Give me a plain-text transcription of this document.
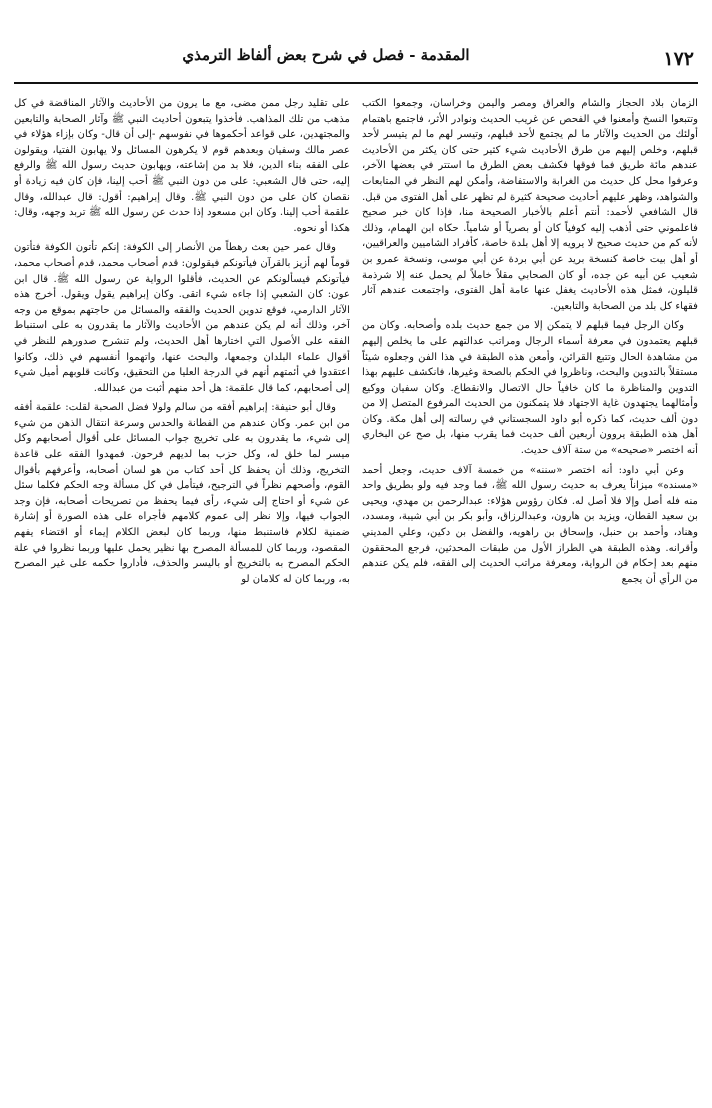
١٧٢
المقدمة - فصل في شرح بعض ألفاظ الترمذي

الزمان بلاد الحجاز والشام والعراق ومصر واليمن وخراسان، وجمعوا الكتب وتتبعوا النسخ وأمعنوا في الفحص عن غريب الحديث ونوادر الأثر، فاجتمع باهتمام أولئك من الحديث والآثار ما لم يجتمع لأحد قبلهم، وتيسر لهم ما لم يتيسر لأحد قبلهم، وخلص إليهم من طرق الأحاديث شيء كثير حتى كان يكثر من الأحاديث عندهم مائة طريق فما فوقها فكشف بعض الطرق ما استتر في بعضها الآخر، وعرفوا محل كل حديث من الغرابة والاستفاضة، وأمكن لهم النظر في المتابعات والشواهد، وظهر عليهم أحاديث صحيحة كثيرة لم تظهر على أهل الفتوى من قبل. قال الشافعي لأحمد: أنتم أعلم بالأخبار الصحيحة منا، فإذا كان خبر صحيح فاعلموني حتى أذهب إليه كوفياً كان أو بصرياً أو شامياً. حكاه ابن الهمام، وذلك لأنه كم من حديث صحيح لا يرويه إلا أهل بلدة خاصة، كأفراد الشاميين والعراقيين، أو أهل بيت خاصة كنسخة بريد عن أبي بردة عن أبي موسى، ونسخة عمرو بن شعيب عن أبيه عن جده، أو كان الصحابي مقلاً خاملاً لم يحمل عنه إلا شرذمة قليلون، فمثل هذه الأحاديث يغفل عنها عامة أهل الفتوى، واجتمعت عندهم آثار فقهاء كل بلد من الصحابة والتابعين.

وكان الرجل فيما قبلهم لا يتمكن إلا من جمع حديث بلده وأصحابه. وكان من قبلهم يعتمدون في معرفة أسماء الرجال ومراتب عدالتهم على ما يخلص إليهم من مشاهدة الحال وتتبع القرائن، وأمعن هذه الطبقة في هذا الفن وجعلوه شيئاً مستقلاً بالتدوين والبحث، وناظروا في الحكم بالصحة وغيرها، فانكشف عليهم بهذا التدوين والمناظرة ما كان خافياً حال الاتصال والانقطاع. وكان سفيان ووكيع وأمثالهما يجتهدون غاية الاجتهاد فلا يتمكنون من الحديث المرفوع المتصل إلا من دون ألف حديث، كما ذكره أبو داود السجستاني في رسالته إلى أهل مكة. وكان أهل هذه الطبقة يروون أربعين ألف حديث فما يقرب منها، بل صح عن البخاري أنه اختصر «صحيحه» من ستة آلاف حديث.

وعن أبي داود: أنه اختصر «سننه» من خمسة آلاف حديث، وجعل أحمد «مسنده» ميزاناً يعرف به حديث رسول الله ﷺ، فما وجد فيه ولو بطريق واحد منه فله أصل وإلا فلا أصل له. فكان رؤوس هؤلاء: عبدالرحمن بن مهدي، ويحيى بن سعيد القطان، ويزيد بن هارون، وعبدالرزاق، وأبو بكر بن أبي شيبة، ومسدد، وهناد، وأحمد بن حنبل، وإسحاق بن راهويه، والفضل بن دكين، وعلي المديني وأقرانه. وهذه الطبقة هي الطراز الأول من طبقات المحدثين، فرجع المحققون منهم بعد إحكام فن الرواية، ومعرفة مراتب الحديث إلى الفقه، فلم يكن عندهم من الرأي أن يجمع

على تقليد رجل ممن مضى، مع ما يرون من الأحاديث والآثار المناقضة في كل مذهب من تلك المذاهب. فأخذوا يتبعون أحاديث النبي ﷺ وآثار الصحابة والتابعين والمجتهدين، على قواعد أحكموها في نفوسهم -إلى أن قال- وكان بإزاء هؤلاء في عصر مالك وسفيان وبعدهم قوم لا يكرهون المسائل ولا يهابون الفتيا، ويقولون على الفقه بناء الدين، فلا بد من إشاعته، ويهابون حديث رسول الله ﷺ والرفع إليه، حتى قال الشعبي: على من دون النبي ﷺ أحب إلينا، فإن كان فيه زيادة أو نقصان كان على من دون النبي ﷺ. وقال إبراهيم: أقول: قال عبدالله، وقال علقمة أحب إلينا. وكان ابن مسعود إذا حدث عن رسول الله ﷺ تربد وجهه، وقال: هكذا أو نحوه.

وقال عمر حين بعث رهطاً من الأنصار إلى الكوفة: إنكم تأتون الكوفة فتأتون قوماً لهم أزيز بالقرآن فيأتونكم فيقولون: قدم أصحاب محمد، قدم أصحاب محمد، فيأتونكم فيسألونكم عن الحديث، فأقلوا الرواية عن رسول الله ﷺ. قال ابن عون: كان الشعبي إذا جاءه شيء اتقى. وكان إبراهيم يقول ويقول. أخرج هذه الآثار الدارمي، فوقع تدوين الحديث والفقه والمسائل من حاجتهم بموقع من وجه آخر، وذلك أنه لم يكن عندهم من الأحاديث والآثار ما يقدرون به على استنباط الفقه على الأصول التي اختارها أهل الحديث، ولم تنشرح صدورهم للنظر في أقوال علماء البلدان وجمعها، والبحث عنها، واتهموا أنفسهم في ذلك، وكانوا اعتقدوا في أئمتهم أنهم في الدرجة العليا من التحقيق، وكانت قلوبهم أميل شيء إلى أصحابهم، كما قال علقمة: هل أحد منهم أثبت من عبدالله.

وقال أبو حنيفة: إبراهيم أفقه من سالم ولولا فضل الصحبة لقلت: علقمة أفقه من ابن عمر. وكان عندهم من الفطانة والحدس وسرعة انتقال الذهن من شيء إلى شيء، ما يقدرون به على تخريج جواب المسائل على أقوال أصحابهم وكل ميسر لما خلق له، وكل حزب بما لديهم فرحون. فمهدوا الفقه على قاعدة التخريج، وذلك أن يحفظ كل أحد كتاب من هو لسان أصحابه، وأعرفهم بأقوال القوم، وأصحهم نظراً في الترجيح، فيتأمل في كل مسألة وجه الحكم فكلما سئل عن شيء أو احتاج إلى شيء، رأى فيما يحفظ من تصريحات أصحابه، فإن وجد الجواب فيها، وإلا نظر إلى عموم كلامهم فأجراه على هذه الصورة أو إشارة ضمنية لكلام فاستنبط منها، وربما كان لبعض الكلام إيماء أو اقتضاء يفهم المقصود، وربما كان للمسألة المصرح بها نظير يحمل عليها وربما نظروا في علة الحكم المصرح به بالتخريج أو باليسر والحذف، فأداروا حكمه على غير المصرح به، وربما كان له كلامان لو
